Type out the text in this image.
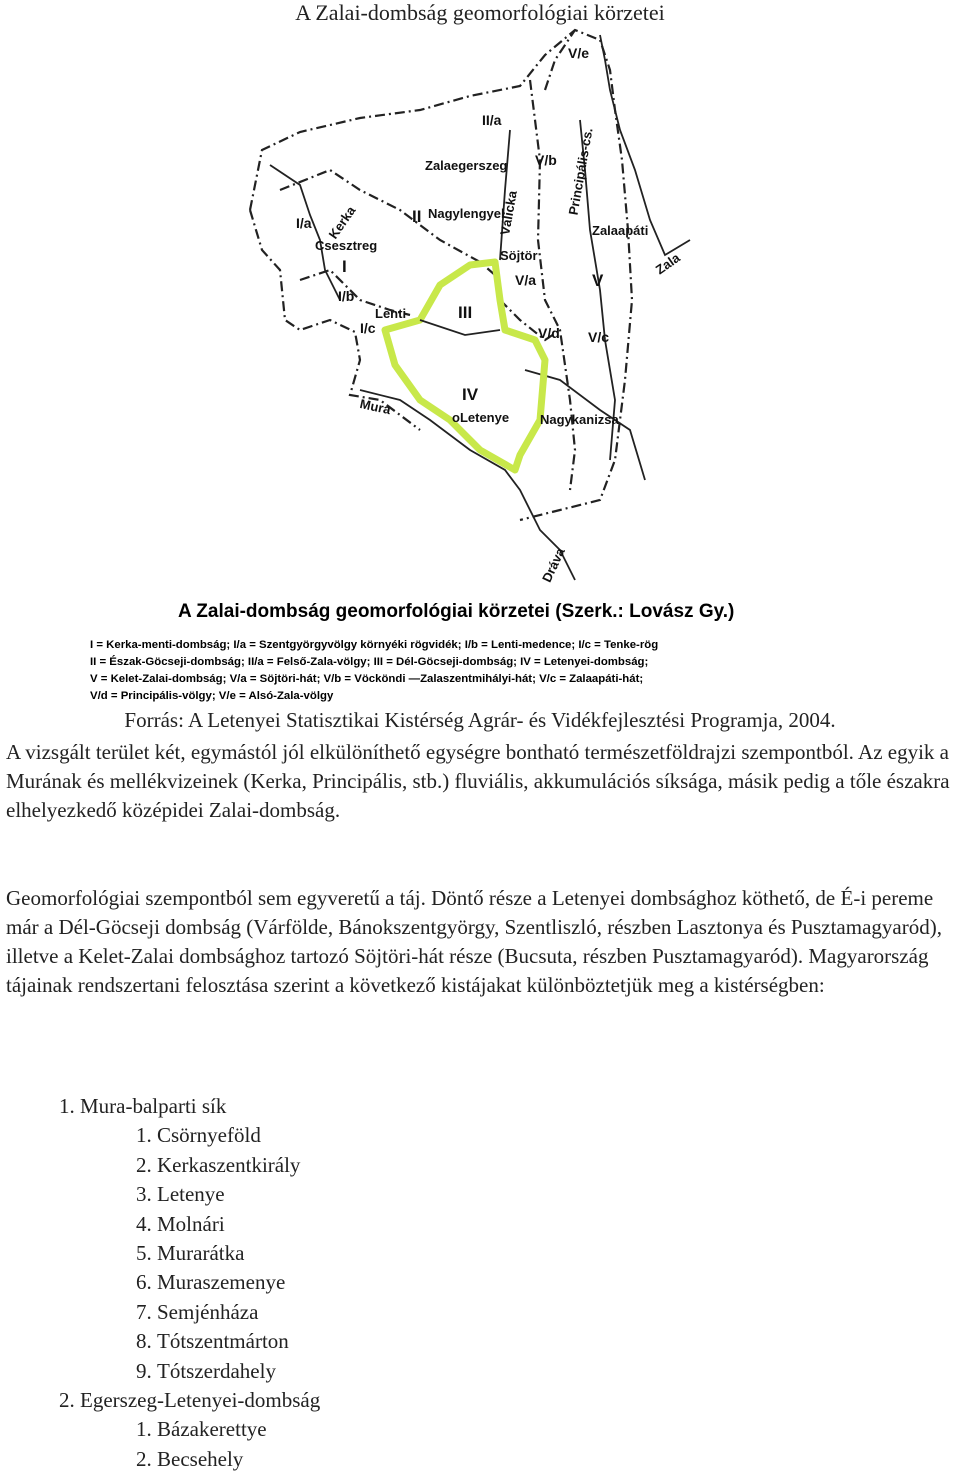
A Zalai-dombság geomorfológiai körzetei
II/a
Zalaegerszeg V/b
V/e
II Nagylengyel
Válicka	Principális-cs.
Zalaapáti
Zala
Kerka
I/a
Csesztreg
I
Söjtör
V/a	V
I/b
III
Lenti
I/c	V/d V/c
IV
Mura
oLetenye Nagykanizsa
Dráva
A Zalai-dombság geomorfológiai körzetei (Szerk.: Lovász Gy.)
I = Kerka-menti-dombság; I/a = Szentgyörgyvölgy környéki rögvidék; I/b = Lenti-medence; I/c = Tenke-rög
II = Észak-Göcseji-dombság; II/a = Felső-Zala-völgy; III = Dél-Göcseji-dombság; IV = Letenyei-dombság;
V = Kelet-Zalai-dombság; V/a = Söjtöri-hát; V/b = Vöcköndi —Zalaszentmihályi-hát; V/c = Zalaapáti-hát;
V/d = Principális-völgy; V/e = Alsó-Zala-völgy
Forrás: A Letenyei Statisztikai Kistérség Agrár- és Vidékfejlesztési Programja, 2004.

A vizsgált terület két, egymástól jól elkülöníthető egységre bontható természetföldrajzi szempontból. Az egyik a Murának és mellékvizeinek (Kerka, Principális, stb.) fluviális, akkumulációs síksága, másik pedig a tőle északra elhelyezkedő középidei Zalai-dombság.

Geomorfológiai szempontból sem egyveretű a táj. Döntő része a Letenyei dombsághoz köthető, de É-i pereme már a Dél-Göcseji dombság (Várfölde, Bánokszentgyörgy, Szentliszló, részben Lasztonya és Pusztamagyaród), illetve a Kelet-Zalai dombsághoz tartozó Söjtöri-hát része (Bucsuta, részben Pusztamagyaród). Magyarország tájainak rendszertani felosztása szerint a következő kistájakat különböztetjük meg a kistérségben:

1. Mura-balparti sík
1. Csörnyeföld
2. Kerkaszentkirály
3. Letenye
4. Molnári
5. Murarátka
6. Muraszemenye
7. Semjénháza
8. Tótszentmárton
9. Tótszerdahely
2. Egerszeg-Letenyei-dombság
1. Bázakerettye
2. Becsehely
